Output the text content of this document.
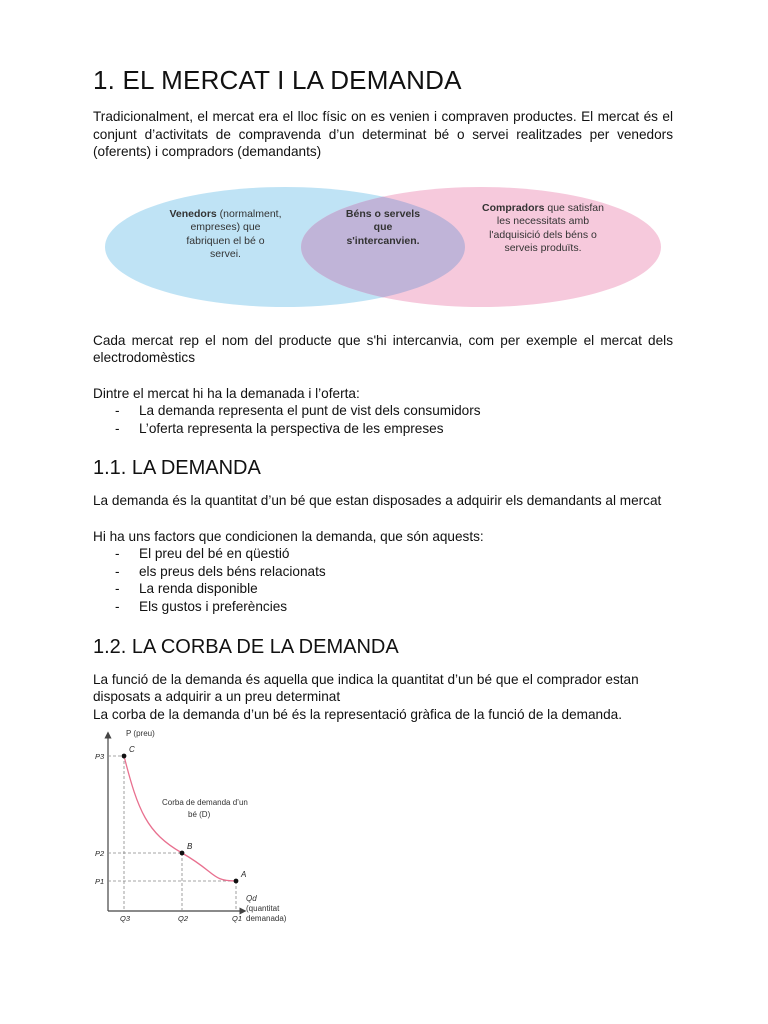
1. EL MERCAT I LA DEMANDA

Tradicionalment, el mercat era el lloc físic on es venien i compraven productes. El mercat és el conjunt d’activitats de compravenda d’un determinat bé o servei realitzades per venedors (oferents) i compradors (demandants)

Venedors (normalment,
empreses) que
fabriquen el bé o
servei.
Béns o servels
que
s'intercanvien.
Compradors que satisfan
les necessitats amb
l'adquisició dels béns o
serveis produïts.

Cada mercat rep el nom del producte que s'hi intercanvia, com per exemple el mercat dels electrodomèstics

Dintre el mercat hi ha la demanada i l’oferta:

- La demanda representa el punt de vist dels consumidors
- L’oferta representa la perspectiva de les empreses
1.1. LA DEMANDA

La demanda és la quantitat d’un bé que estan disposades a adquirir els demandants al mercat

Hi ha uns factors que condicionen la demanda, que són aquests:

- El preu del bé en qüestió
- els preus dels béns relacionats
- La renda disponible
- Els gustos i preferències
1.2. LA CORBA DE LA DEMANDA

La funció de la demanda és aquella que indica la quantitat d’un bé que el comprador estan disposats a adquirir a un preu determinat

La corba de la demanda d’un bé és la representació gràfica de la funció de la demanda.

P (preu)
Qd
(quantitat
demanada)
Corba de demanda d’un
bé (D)
C
B
A
P3
P2
P1
Q3	Q2	Q1
